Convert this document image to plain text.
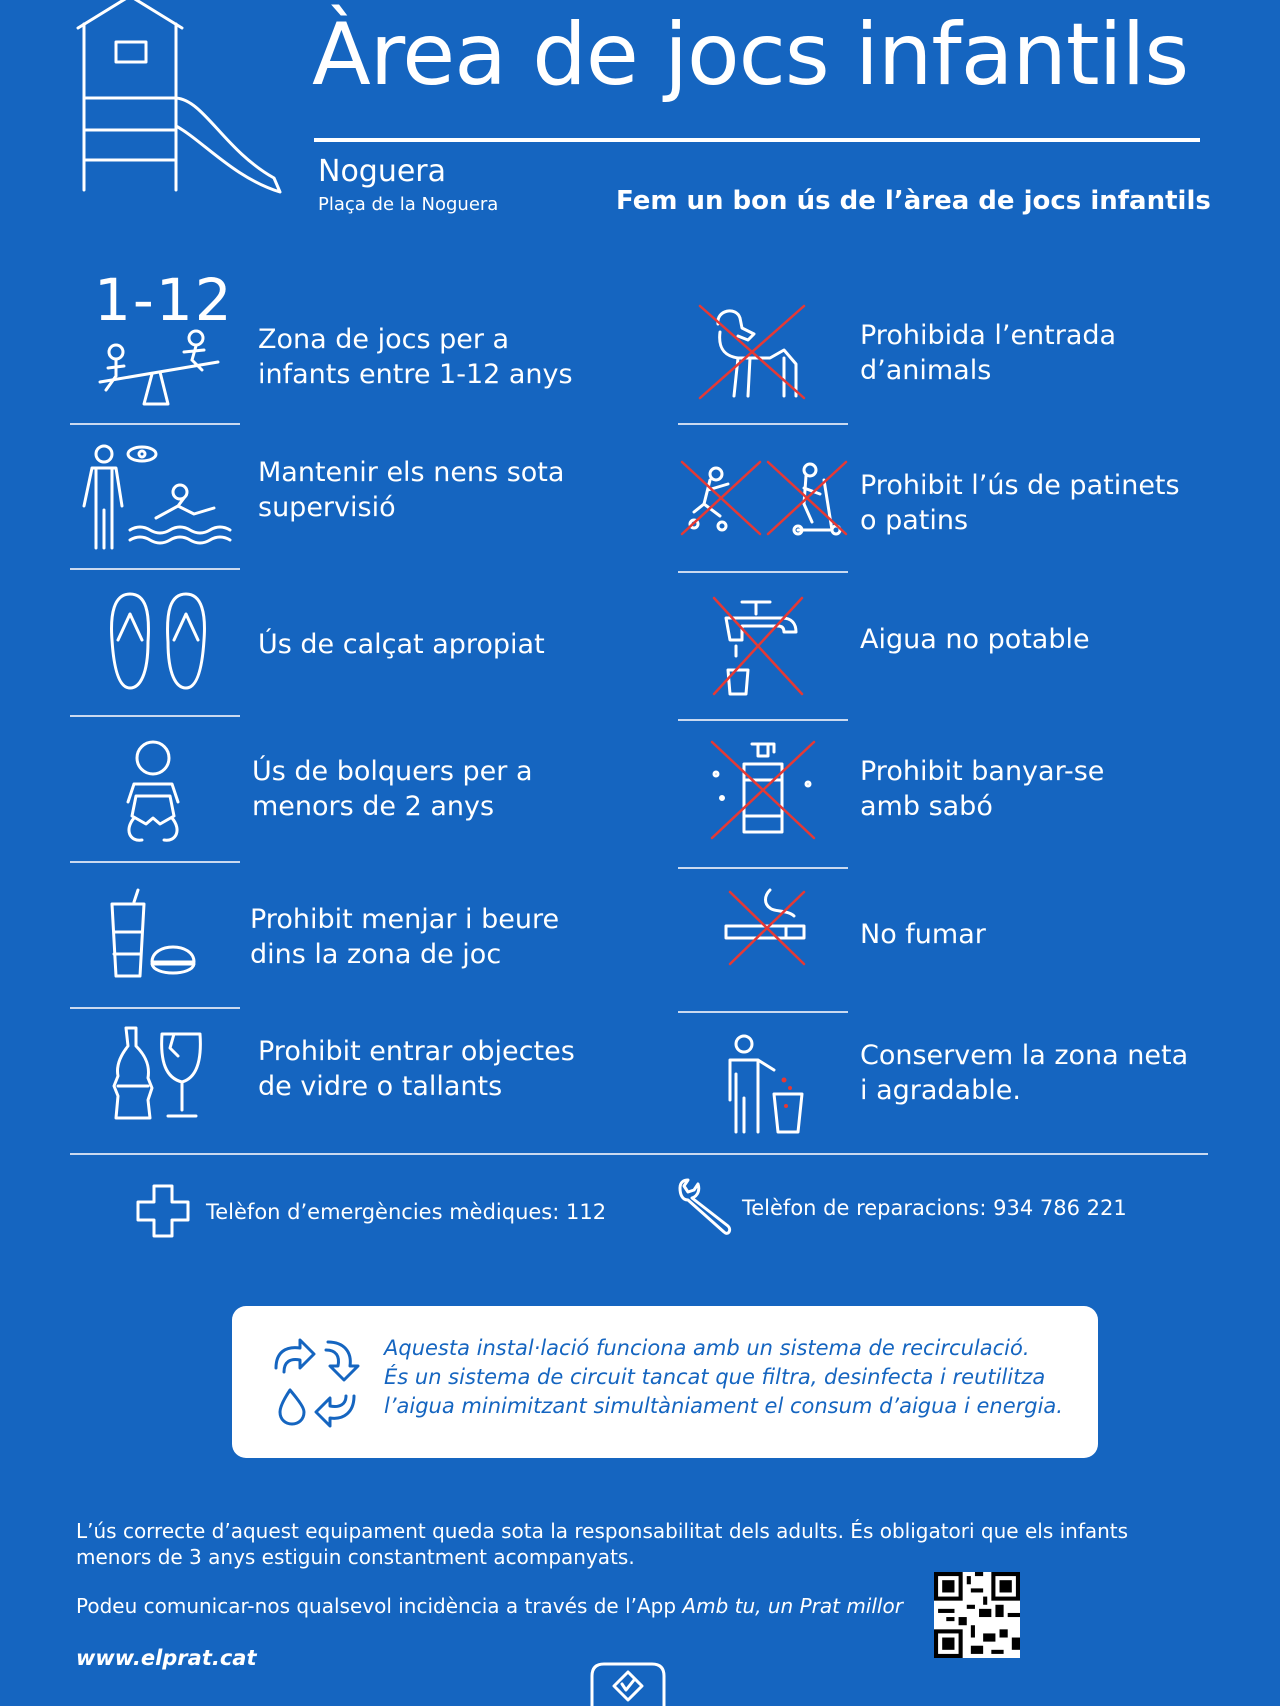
Àrea de jocs infantils
Noguera
Plaça de la Noguera	Fem un bon ús de l’àrea de jocs infantils
1-12
Zona de jocs per a infants entre 1-12 anys
Mantenir els nens sota supervisió
Ús de calçat apropiat
Ús de bolquers per a menors de 2 anys
Prohibit menjar i beure dins la zona de joc
Prohibit entrar objectes de vidre o tallants
Prohibida l’entrada d’animals
Prohibit l’ús de patinets o patins
Aigua no potable
Prohibit banyar-se amb sabó
No fumar
Conservem la zona neta i agradable.
Telèfon d’emergències mèdiques: 112	Telèfon de reparacions: 934 786 221
Aquesta instal·lació funciona amb un sistema de recirculació.
És un sistema de circuit tancat que filtra, desinfecta i reutilitza
l’aigua minimitzant simultàniament el consum d’aigua i energia.
L’ús correcte d’aquest equipament queda sota la responsabilitat dels adults. És obligatori que els infants menors de 3 anys estiguin constantment acompanyats.
Podeu comunicar-nos qualsevol incidència a través de l’App Amb tu, un Prat millor
www.elprat.cat
